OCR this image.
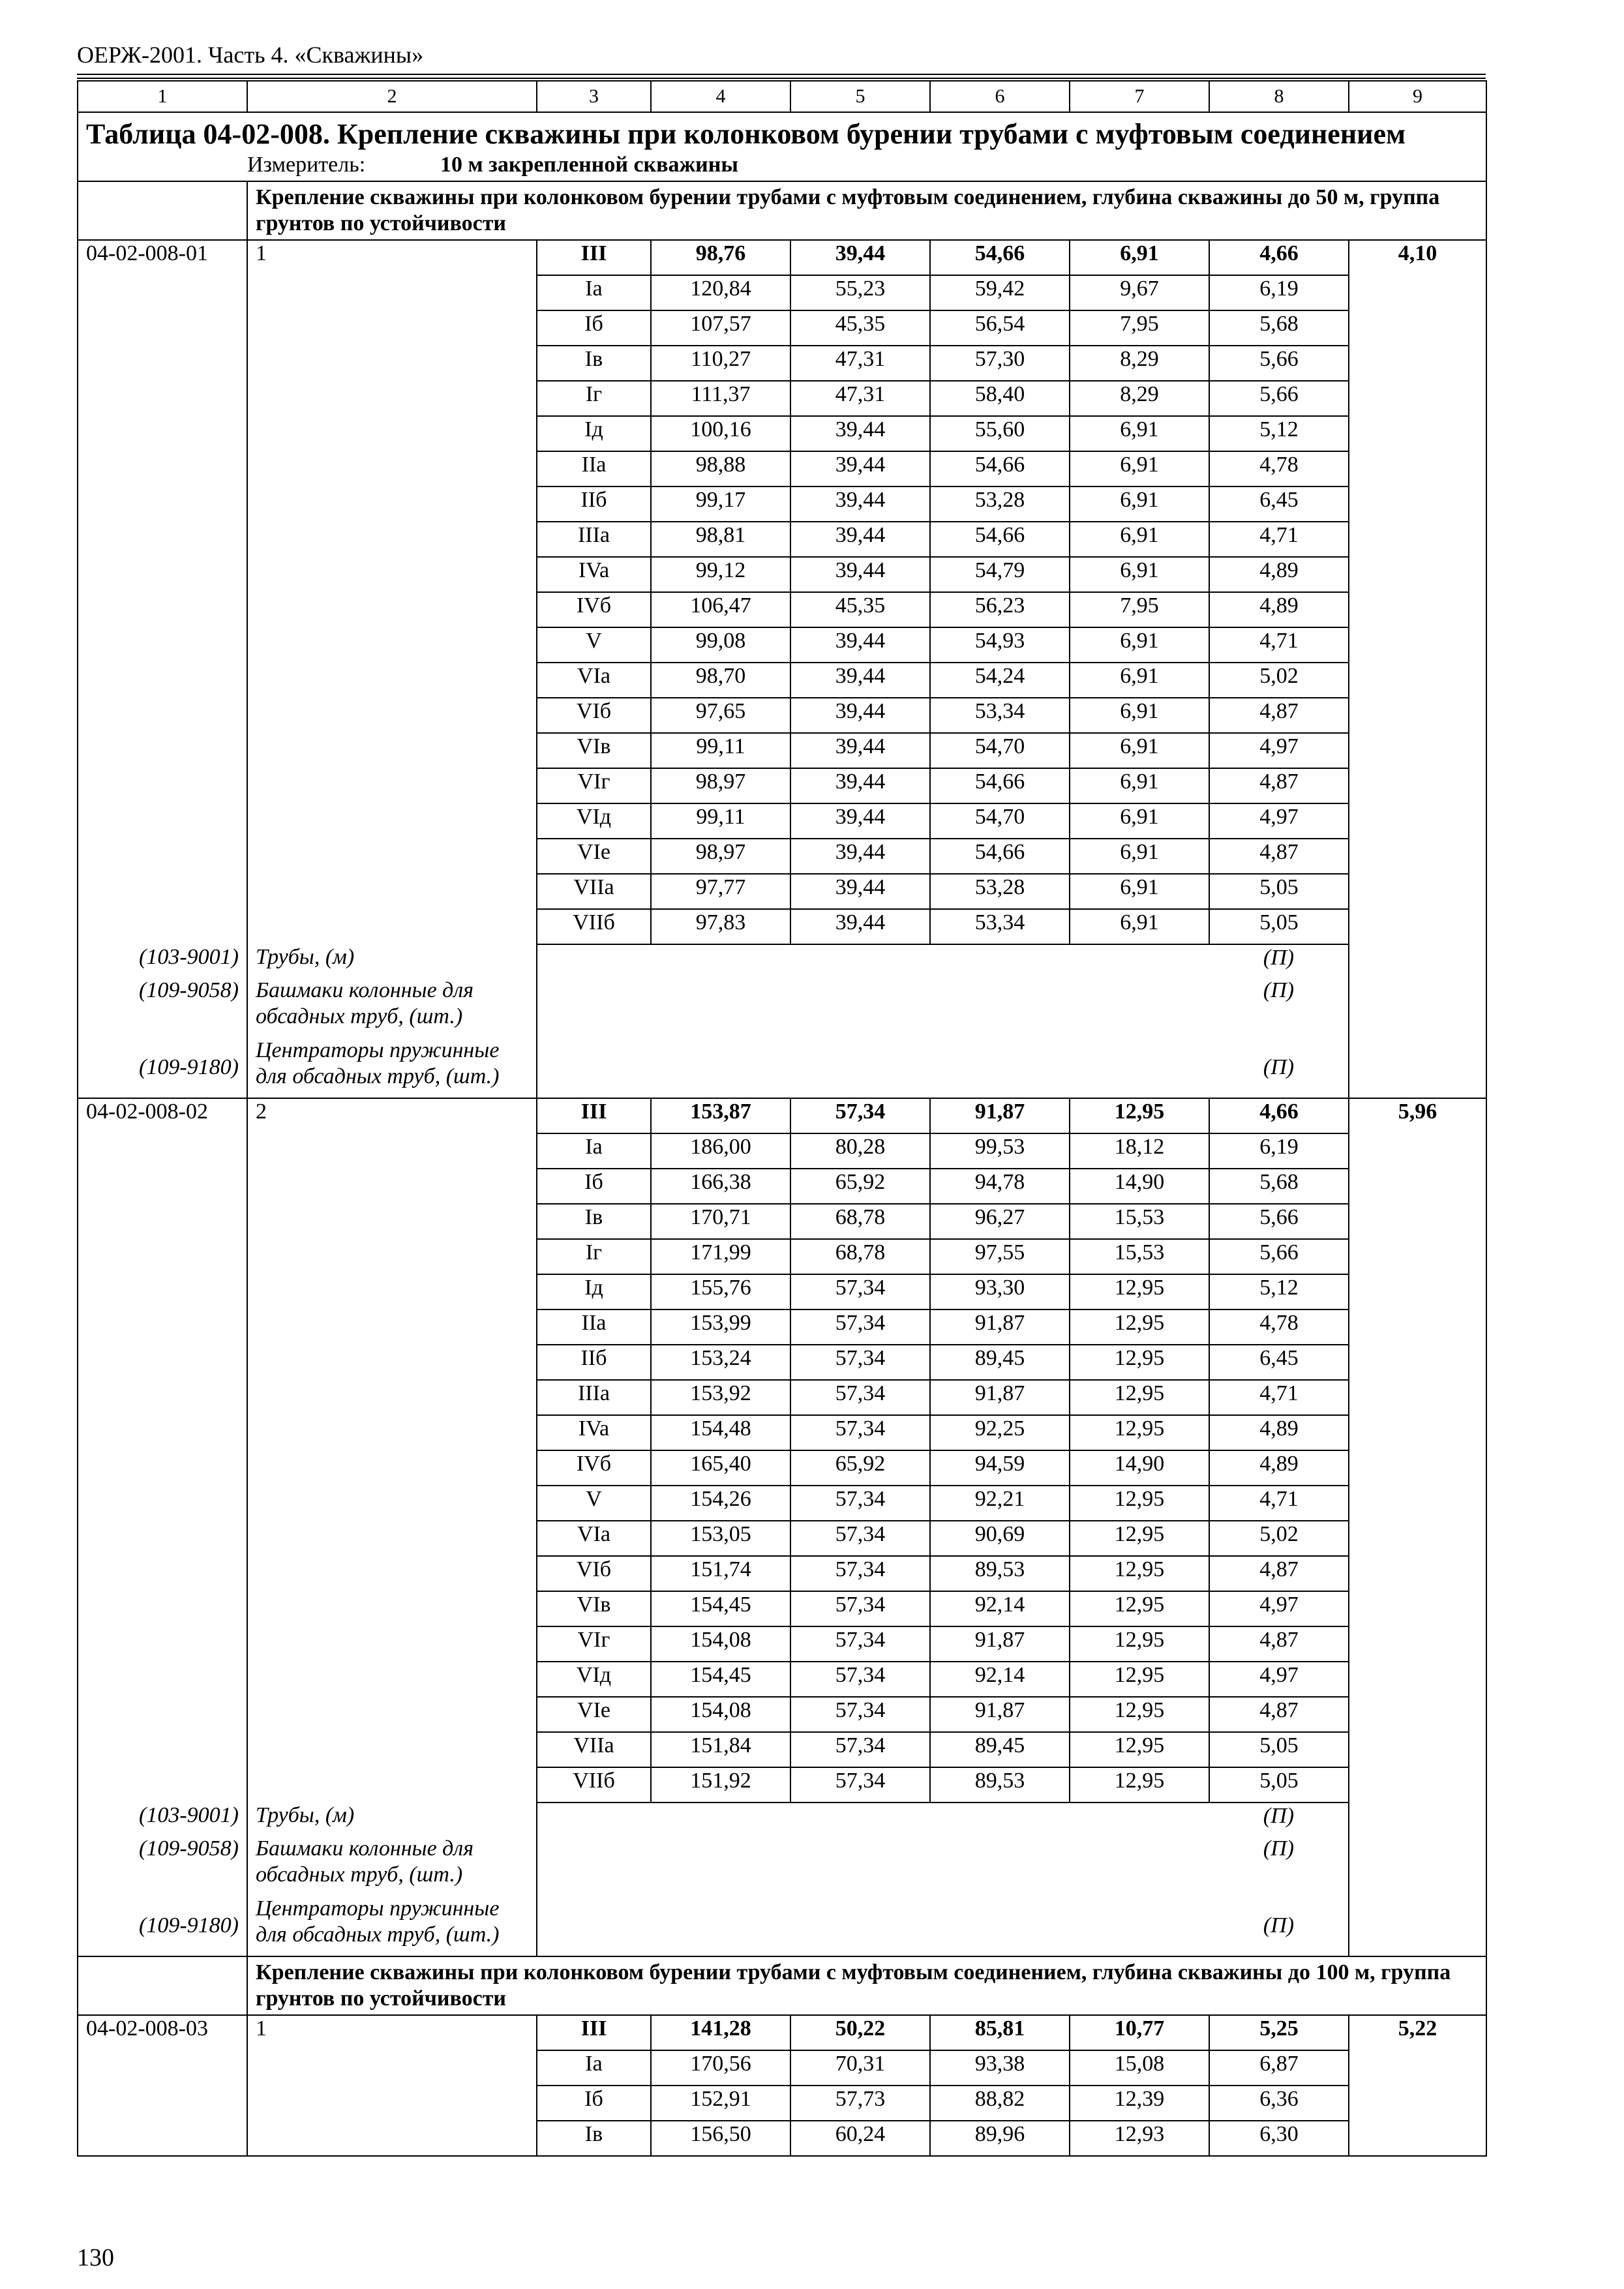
ОЕРЖ-2001. Часть 4. «Скважины»
1	2	3	4	5	6	7	8	9
Таблица 04-02-008. Крепление скважины при колонковом бурении трубами с муфтовым соединением								
	Измеритель: 10 м закрепленной скважины							
	Крепление скважины при колонковом бурении трубами с муфтовым соединением, глубина скважины до 50 м, группа грунтов по устойчивости							
04-02-008-01	1	III	98,76	39,44	54,66	6,91	4,66	4,10
		Ia	120,84	55,23	59,42	9,67	6,19	
		Iб	107,57	45,35	56,54	7,95	5,68	
		Iв	110,27	47,31	57,30	8,29	5,66	
		Iг	111,37	47,31	58,40	8,29	5,66	
		Iд	100,16	39,44	55,60	6,91	5,12	
		IIa	98,88	39,44	54,66	6,91	4,78	
		IIб	99,17	39,44	53,28	6,91	6,45	
		IIIa	98,81	39,44	54,66	6,91	4,71	
		IVa	99,12	39,44	54,79	6,91	4,89	
		IVб	106,47	45,35	56,23	7,95	4,89	
		V	99,08	39,44	54,93	6,91	4,71	
		VIa	98,70	39,44	54,24	6,91	5,02	
		VIб	97,65	39,44	53,34	6,91	4,87	
		VIв	99,11	39,44	54,70	6,91	4,97	
		VIг	98,97	39,44	54,66	6,91	4,87	
		VIд	99,11	39,44	54,70	6,91	4,97	
		VIe	98,97	39,44	54,66	6,91	4,87	
		VIIa	97,77	39,44	53,28	6,91	5,05	
		VIIб	97,83	39,44	53,34	6,91	5,05	
(103-9001)	Трубы, (м)						(П)	
(109-9058)	Башмаки колонные для обсадных труб, (шт.)						(П)	
(109-9180)	Центраторы пружинные для обсадных труб, (шт.)						(П)	
04-02-008-02	2	III	153,87	57,34	91,87	12,95	4,66	5,96
		Ia	186,00	80,28	99,53	18,12	6,19	
		Iб	166,38	65,92	94,78	14,90	5,68	
		Iв	170,71	68,78	96,27	15,53	5,66	
		Iг	171,99	68,78	97,55	15,53	5,66	
		Iд	155,76	57,34	93,30	12,95	5,12	
		IIa	153,99	57,34	91,87	12,95	4,78	
		IIб	153,24	57,34	89,45	12,95	6,45	
		IIIa	153,92	57,34	91,87	12,95	4,71	
		IVa	154,48	57,34	92,25	12,95	4,89	
		IVб	165,40	65,92	94,59	14,90	4,89	
		V	154,26	57,34	92,21	12,95	4,71	
		VIa	153,05	57,34	90,69	12,95	5,02	
		VIб	151,74	57,34	89,53	12,95	4,87	
		VIв	154,45	57,34	92,14	12,95	4,97	
		VIг	154,08	57,34	91,87	12,95	4,87	
		VIд	154,45	57,34	92,14	12,95	4,97	
		VIe	154,08	57,34	91,87	12,95	4,87	
		VIIa	151,84	57,34	89,45	12,95	5,05	
		VIIб	151,92	57,34	89,53	12,95	5,05	
(103-9001)	Трубы, (м)						(П)	
(109-9058)	Башмаки колонные для обсадных труб, (шт.)						(П)	
(109-9180)	Центраторы пружинные для обсадных труб, (шт.)						(П)	
	Крепление скважины при колонковом бурении трубами с муфтовым соединением, глубина скважины до 100 м, группа грунтов по устойчивости							
04-02-008-03	1	III	141,28	50,22	85,81	10,77	5,25	5,22
		Ia	170,56	70,31	93,38	15,08	6,87	
		Iб	152,91	57,73	88,82	12,39	6,36	
		Iв	156,50	60,24	89,96	12,93	6,30	
130
